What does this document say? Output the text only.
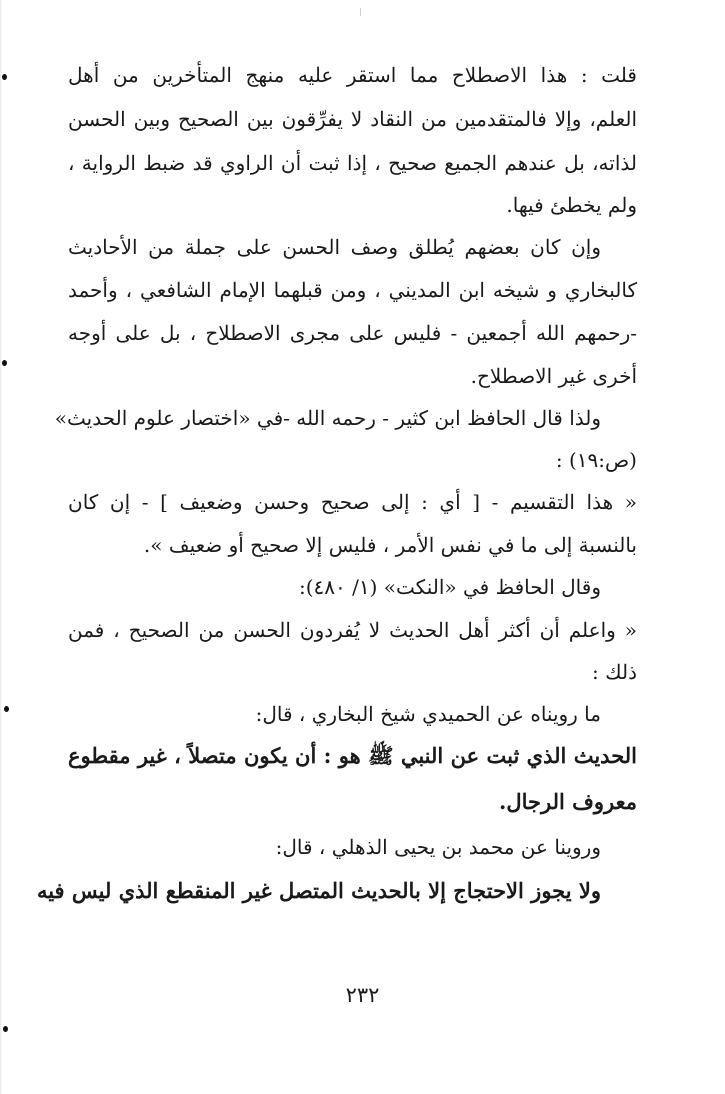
قلت : هذا الاصطلاح مما استقر عليه منهج المتأخرين من أهل
العلم، وإلا فالمتقدمين من النقاد لا يفرِّقون بين الصحيح وبين الحسن
لذاته، بل عندهم الجميع صحيح ، إذا ثبت أن الراوي قد ضبط الرواية ،
ولم يخطئ فيها.
وإن كان بعضهم يُطلق وصف الحسن على جملة من الأحاديث
كالبخاري و شيخه ابن المديني ، ومن قبلهما الإمام الشافعي ، وأحمد
-رحمهم الله أجمعين - فليس على مجرى الاصطلاح ، بل على أوجه
أخرى غير الاصطلاح.
ولذا قال الحافظ ابن كثير - رحمه الله -في «اختصار علوم الحديث»
(ص:١٩) :
« هذا التقسيم - [ أي : إلى صحيح وحسن وضعيف ] - إن كان
بالنسبة إلى ما في نفس الأمر ، فليس إلا صحيح أو ضعيف ».
وقال الحافظ في «النكت» (١/ ٤٨٠):
« واعلم أن أكثر أهل الحديث لا يُفردون الحسن من الصحيح ، فمن
ذلك :
ما رويناه عن الحميدي شيخ البخاري ، قال:
الحديث الذي ثبت عن النبي ﷺ هو : أن يكون متصلاً ، غير مقطوع
معروف الرجال.
وروينا عن محمد بن يحيى الذهلي ، قال:
ولا يجوز الاحتجاج إلا بالحديث المتصل غير المنقطع الذي ليس فيه
٢٣٢
